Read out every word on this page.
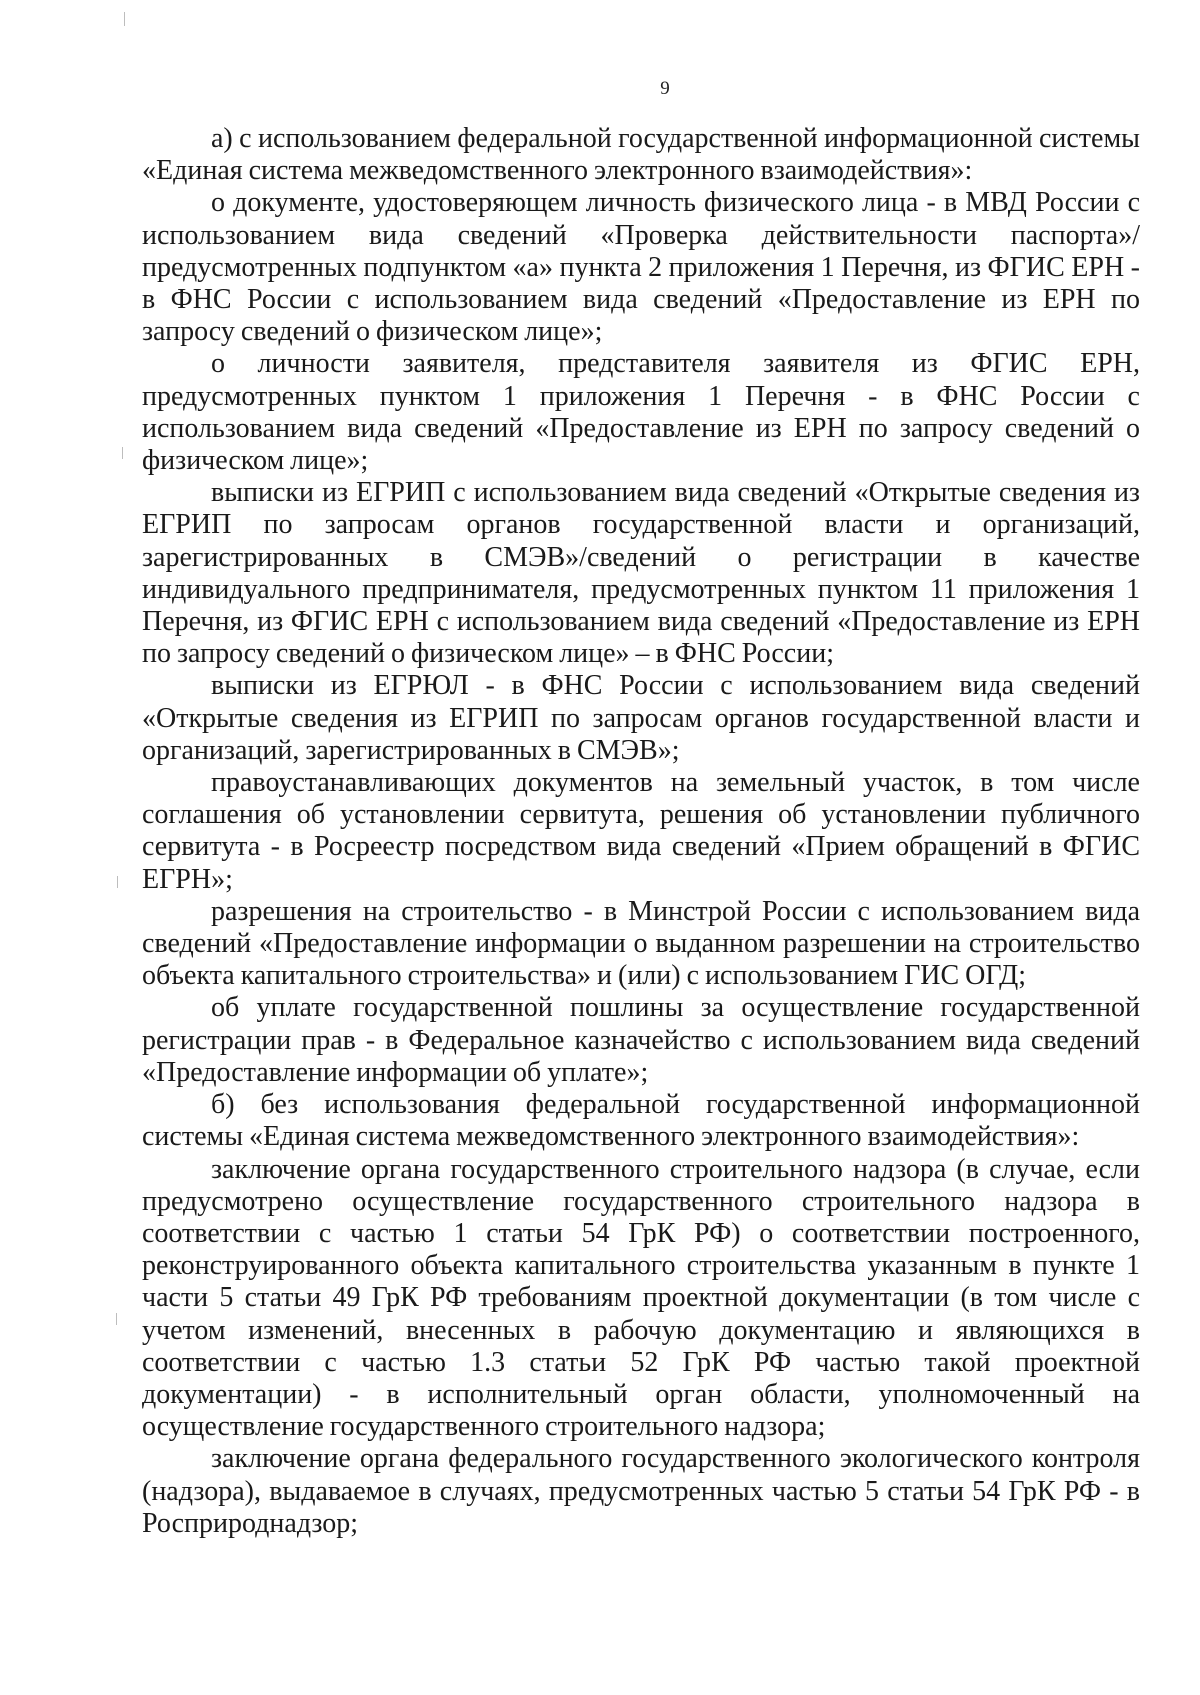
9

а) с использованием федеральной государственной информационной системы «Единая система межведомственного электронного взаимодействия»:

о документе, удостоверяющем личность физического лица - в МВД России с использованием вида сведений «Проверка действительности паспорта»/предусмотренных подпунктом «а» пункта 2 приложения 1 Перечня, из ФГИС ЕРН - в ФНС России с использованием вида сведений «Предоставление из ЕРН по запросу сведений о физическом лице»;

о личности заявителя, представителя заявителя из ФГИС ЕРН, предусмотренных пунктом 1 приложения 1 Перечня - в ФНС России с использованием вида сведений «Предоставление из ЕРН по запросу сведений о физическом лице»;

выписки из ЕГРИП с использованием вида сведений «Открытые сведения из ЕГРИП по запросам органов государственной власти и организаций, зарегистрированных в СМЭВ»/сведений о регистрации в качестве индивидуального предпринимателя, предусмотренных пунктом 11 приложения 1 Перечня, из ФГИС ЕРН с использованием вида сведений «Предоставление из ЕРН по запросу сведений о физическом лице» – в ФНС России;

выписки из ЕГРЮЛ - в ФНС России с использованием вида сведений «Открытые сведения из ЕГРИП по запросам органов государственной власти и организаций, зарегистрированных в СМЭВ»;

правоустанавливающих документов на земельный участок, в том числе соглашения об установлении сервитута, решения об установлении публичного сервитута - в Росреестр посредством вида сведений «Прием обращений в ФГИС ЕГРН»;

разрешения на строительство - в Минстрой России с использованием вида сведений «Предоставление информации о выданном разрешении на строительство объекта капитального строительства» и (или) с использованием ГИС ОГД;

об уплате государственной пошлины за осуществление государственной регистрации прав - в Федеральное казначейство с использованием вида сведений «Предоставление информации об уплате»;

б) без использования федеральной государственной информационной системы «Единая система межведомственного электронного взаимодействия»:

заключение органа государственного строительного надзора (в случае, если предусмотрено осуществление государственного строительного надзора в соответствии с частью 1 статьи 54 ГрК РФ) о соответствии построенного, реконструированного объекта капитального строительства указанным в пункте 1 части 5 статьи 49 ГрК РФ требованиям проектной документации (в том числе с учетом изменений, внесенных в рабочую документацию и являющихся в соответствии с частью 1.3 статьи 52 ГрК РФ частью такой проектной документации) - в исполнительный орган области, уполномоченный на осуществление государственного строительного надзора;

заключение органа федерального государственного экологического контроля (надзора), выдаваемое в случаях, предусмотренных частью 5 статьи 54 ГрК РФ - в Росприроднадзор;
